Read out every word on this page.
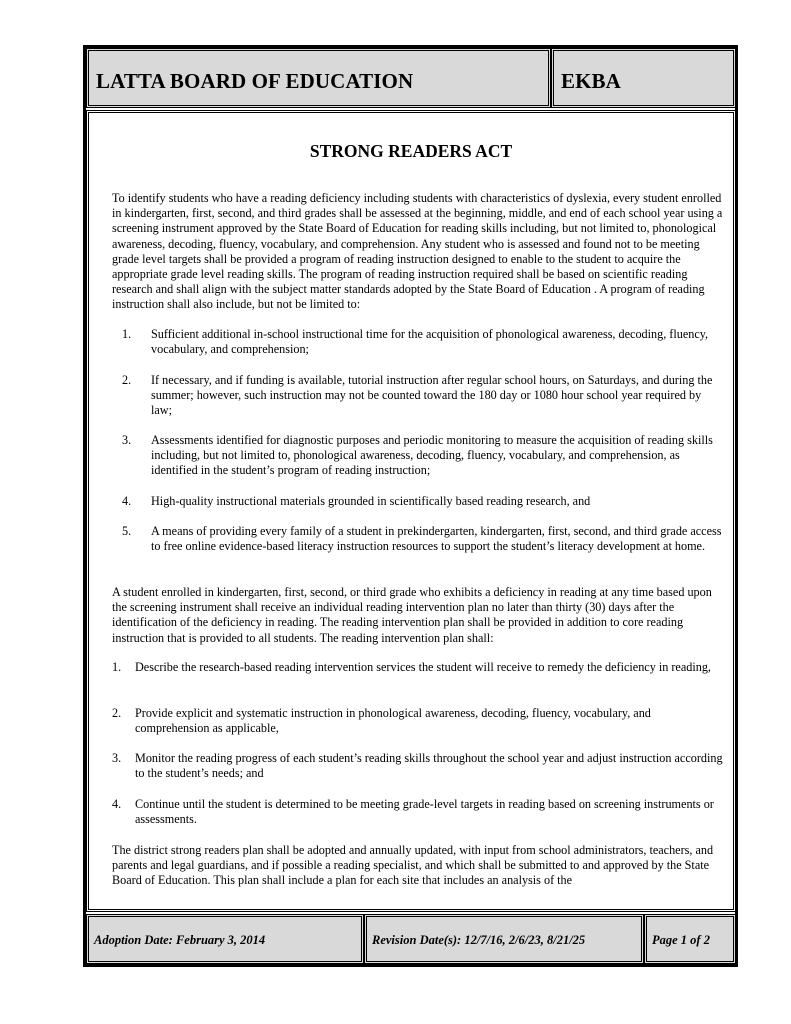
LATTA BOARD OF EDUCATION	EKBA
STRONG READERS ACT

To identify students who have a reading deficiency including students with characteristics of dyslexia, every student enrolled in kindergarten, first, second, and third grades shall be assessed at the beginning, middle, and end of each school year using a screening instrument approved by the State Board of Education for reading skills including, but not limited to, phonological awareness, decoding, fluency, vocabulary, and comprehension. Any student who is assessed and found not to be meeting grade level targets shall be provided a program of reading instruction designed to enable to the student to acquire the appropriate grade level reading skills. The program of reading instruction required shall be based on scientific reading research and shall align with the subject matter standards adopted by the State Board of Education . A program of reading instruction shall also include, but not be limited to:

1. Sufficient additional in-school instructional time for the acquisition of phonological awareness, decoding, fluency, vocabulary, and comprehension;
2. If necessary, and if funding is available, tutorial instruction after regular school hours, on Saturdays, and during the summer; however, such instruction may not be counted toward the 180 day or 1080 hour school year required by law;
3. Assessments identified for diagnostic purposes and periodic monitoring to measure the acquisition of reading skills including, but not limited to, phonological awareness, decoding, fluency, vocabulary, and comprehension, as identified in the student’s program of reading instruction;
4. High-quality instructional materials grounded in scientifically based reading research, and
5. A means of providing every family of a student in prekindergarten, kindergarten, first, second, and third grade access to free online evidence-based literacy instruction resources to support the student’s literacy development at home.

A student enrolled in kindergarten, first, second, or third grade who exhibits a deficiency in reading at any time based upon the screening instrument shall receive an individual reading intervention plan no later than thirty (30) days after the identification of the deficiency in reading. The reading intervention plan shall be provided in addition to core reading instruction that is provided to all students. The reading intervention plan shall:

1. Describe the research-based reading intervention services the student will receive to remedy the deficiency in reading,
2. Provide explicit and systematic instruction in phonological awareness, decoding, fluency, vocabulary, and comprehension as applicable,
3. Monitor the reading progress of each student’s reading skills throughout the school year and adjust instruction according to the student’s needs; and
4. Continue until the student is determined to be meeting grade-level targets in reading based on screening instruments or assessments.

The district strong readers plan shall be adopted and annually updated, with input from school administrators, teachers, and parents and legal guardians, and if possible a reading specialist, and which shall be submitted to and approved by the State Board of Education. This plan shall include a plan for each site that includes an analysis of the

Adoption Date: February 3, 2014	Revision Date(s): 12/7/16, 2/6/23, 8/21/25	Page 1 of 2
